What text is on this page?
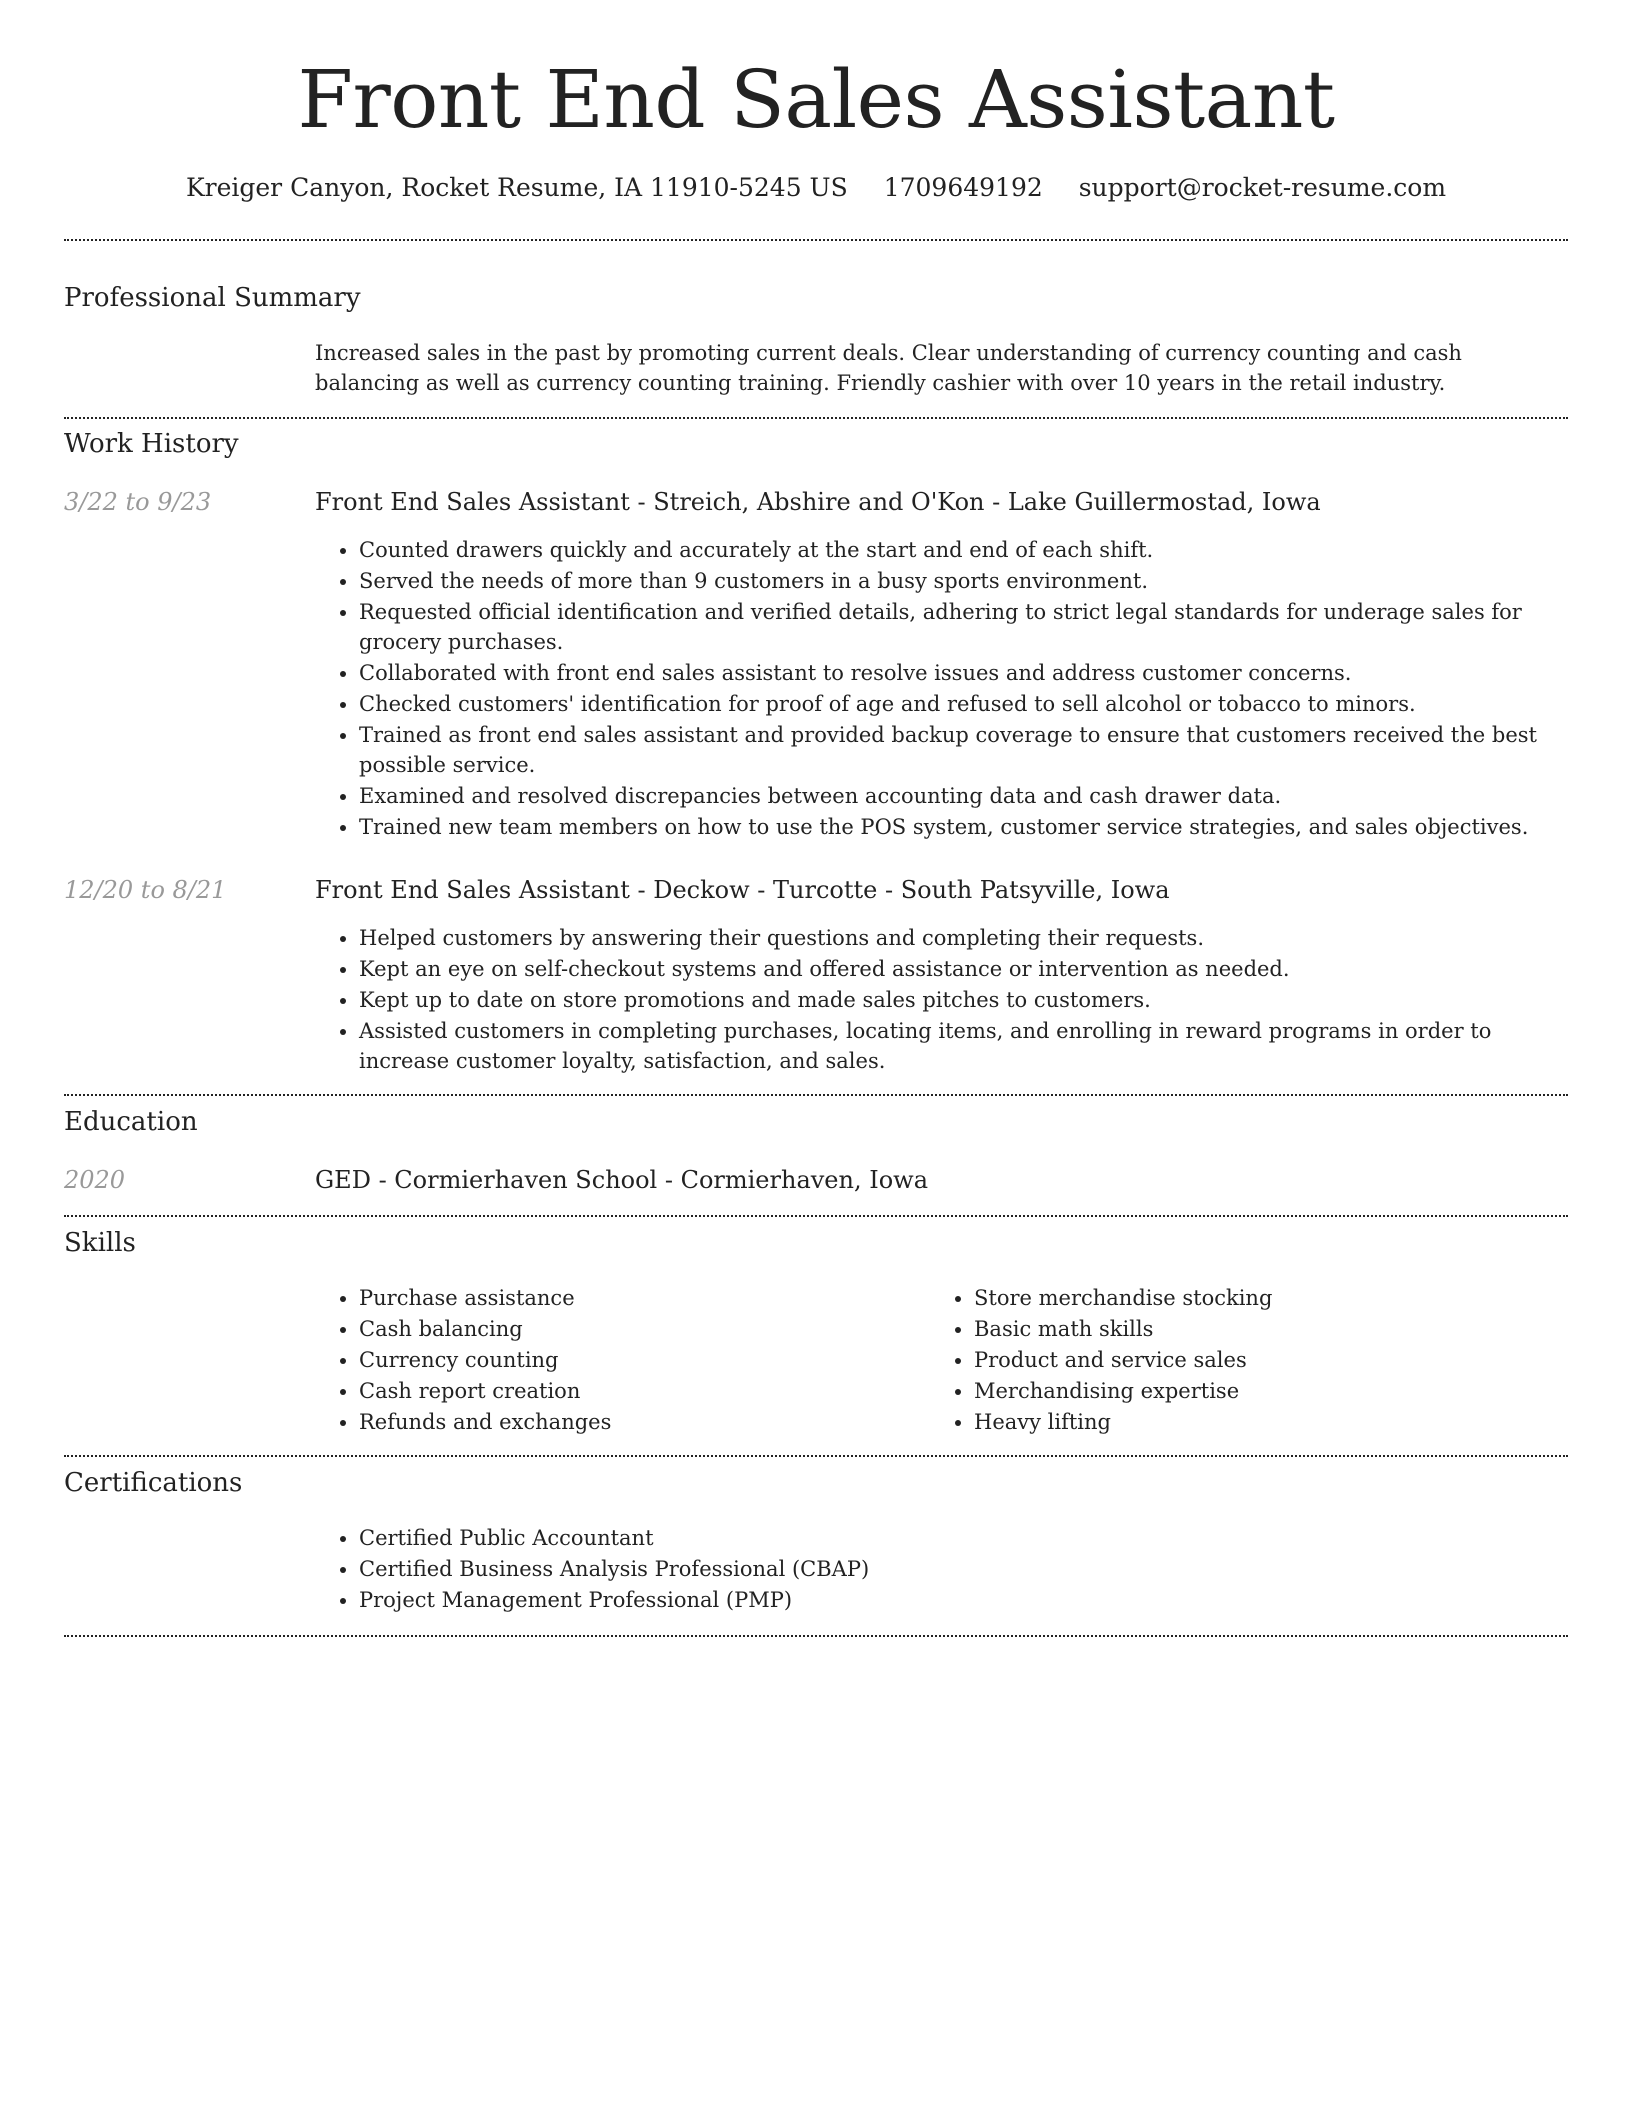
Front End Sales Assistant
Kreiger Canyon, Rocket Resume, IA 11910-5245 US 1709649192 support@rocket-resume.com
Professional Summary
Increased sales in the past by promoting current deals. Clear understanding of currency counting and cash balancing as well as currency counting training. Friendly cashier with over 10 years in the retail industry.
Work History
3/22 to 9/23	Front End Sales Assistant - Streich, Abshire and O'Kon - Lake Guillermostad, Iowa
• Counted drawers quickly and accurately at the start and end of each shift.
• Served the needs of more than 9 customers in a busy sports environment.
• Requested official identification and verified details, adhering to strict legal standards for underage sales for grocery purchases.
• Collaborated with front end sales assistant to resolve issues and address customer concerns.
• Checked customers' identification for proof of age and refused to sell alcohol or tobacco to minors.
• Trained as front end sales assistant and provided backup coverage to ensure that customers received the best possible service.
• Examined and resolved discrepancies between accounting data and cash drawer data.
• Trained new team members on how to use the POS system, customer service strategies, and sales objectives.
12/20 to 8/21	Front End Sales Assistant - Deckow - Turcotte - South Patsyville, Iowa
• Helped customers by answering their questions and completing their requests.
• Kept an eye on self-checkout systems and offered assistance or intervention as needed.
• Kept up to date on store promotions and made sales pitches to customers.
• Assisted customers in completing purchases, locating items, and enrolling in reward programs in order to increase customer loyalty, satisfaction, and sales.
Education
2020	GED - Cormierhaven School - Cormierhaven, Iowa
Skills
• Purchase assistance
• Cash balancing
• Currency counting
• Cash report creation
• Refunds and exchanges
• Store merchandise stocking
• Basic math skills
• Product and service sales
• Merchandising expertise
• Heavy lifting
Certifications
• Certified Public Accountant
• Certified Business Analysis Professional (CBAP)
• Project Management Professional (PMP)
